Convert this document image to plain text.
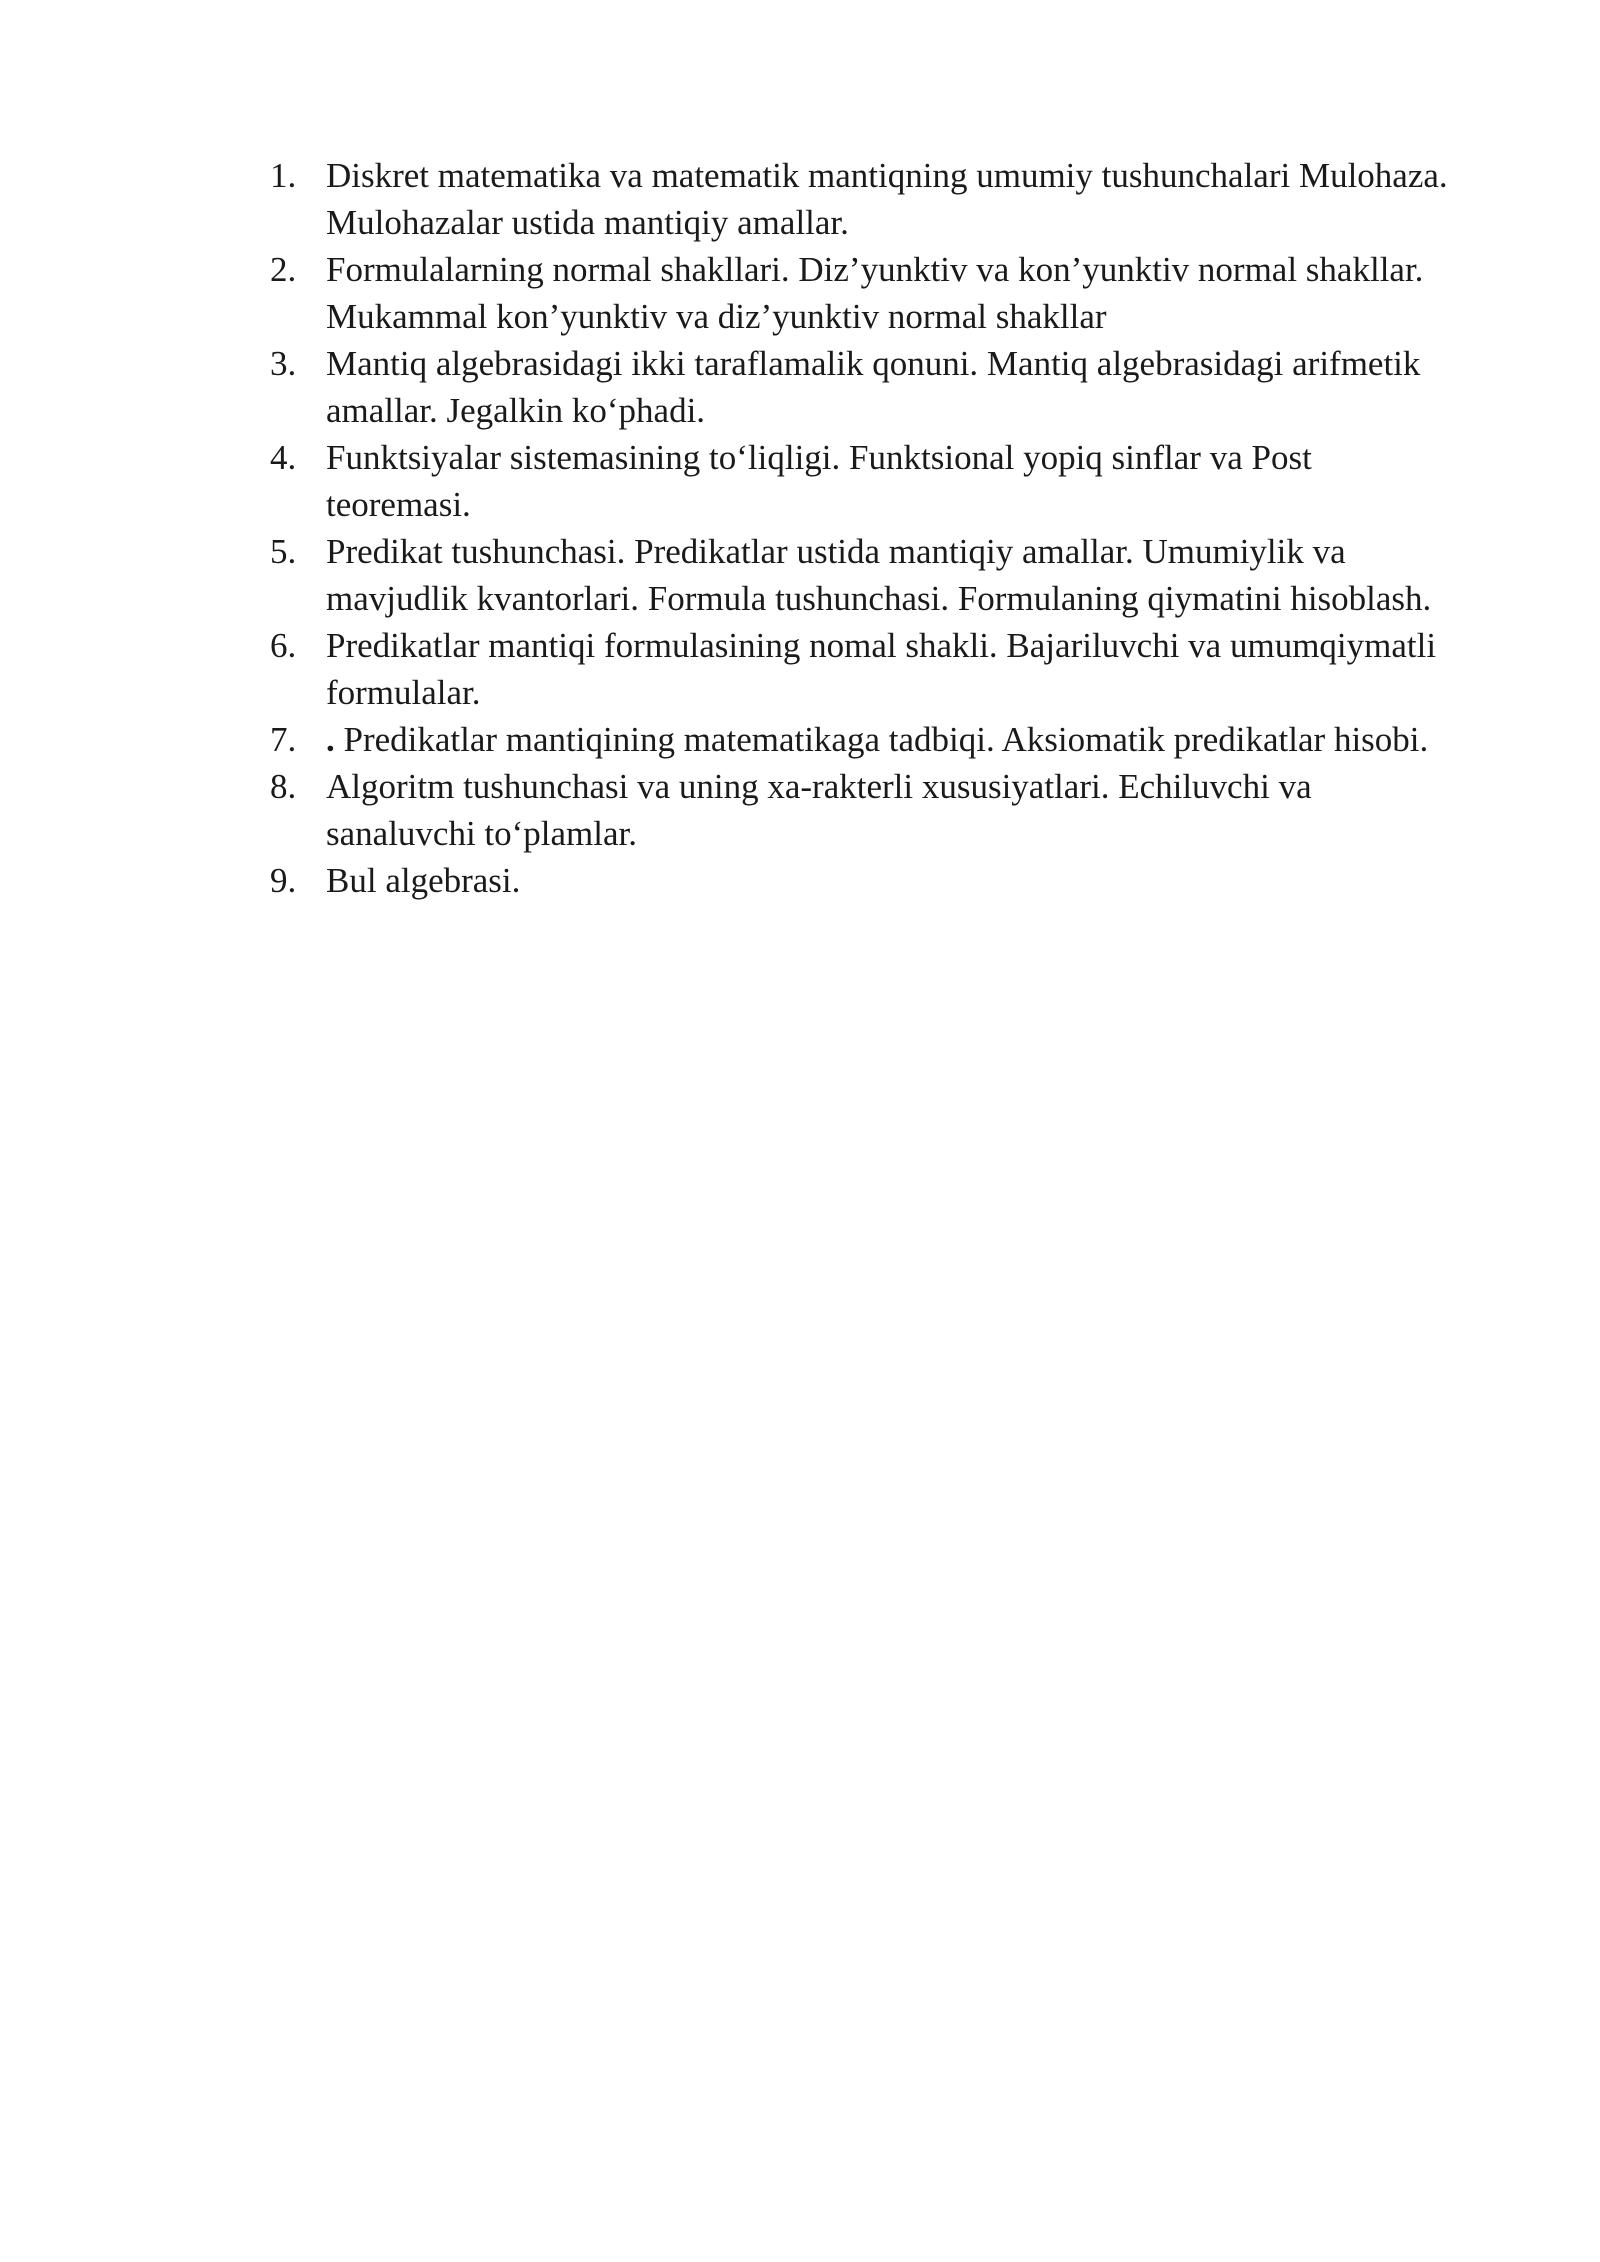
1. Diskret matematika va matematik mantiqning umumiy tushunchalari Mulohaza. Mulohazalar ustida mantiqiy amallar.
2. Formulalarning normal shakllari. Diz’yunktiv va kon’yunktiv normal shakllar. Mukammal kon’yunktiv va diz’yunktiv normal shakllar
3. Mantiq algebrasidagi ikki taraflamalik qonuni. Mantiq algebrasidagi arifmetik amallar. Jegalkin ko‘phadi.
4. Funktsiyalar sistemasining to‘liqligi. Funktsional yopiq sinflar va Post teoremasi.
5. Predikat tushunchasi. Predikatlar ustida mantiqiy amallar. Umumiylik va mavjudlik kvantorlari. Formula tushunchasi. Formulaning qiymatini hisoblash.
6. Predikatlar mantiqi formulasining nomal shakli. Bajariluvchi va umumqiymatli formulalar.
7. . Predikatlar mantiqining matematikaga tadbiqi. Aksiomatik predikatlar hisobi.
8. Algoritm tushunchasi va uning xa-rakterli xususiyatlari. Echiluvchi va sanaluvchi to‘plamlar.
9. Bul algebrasi.
